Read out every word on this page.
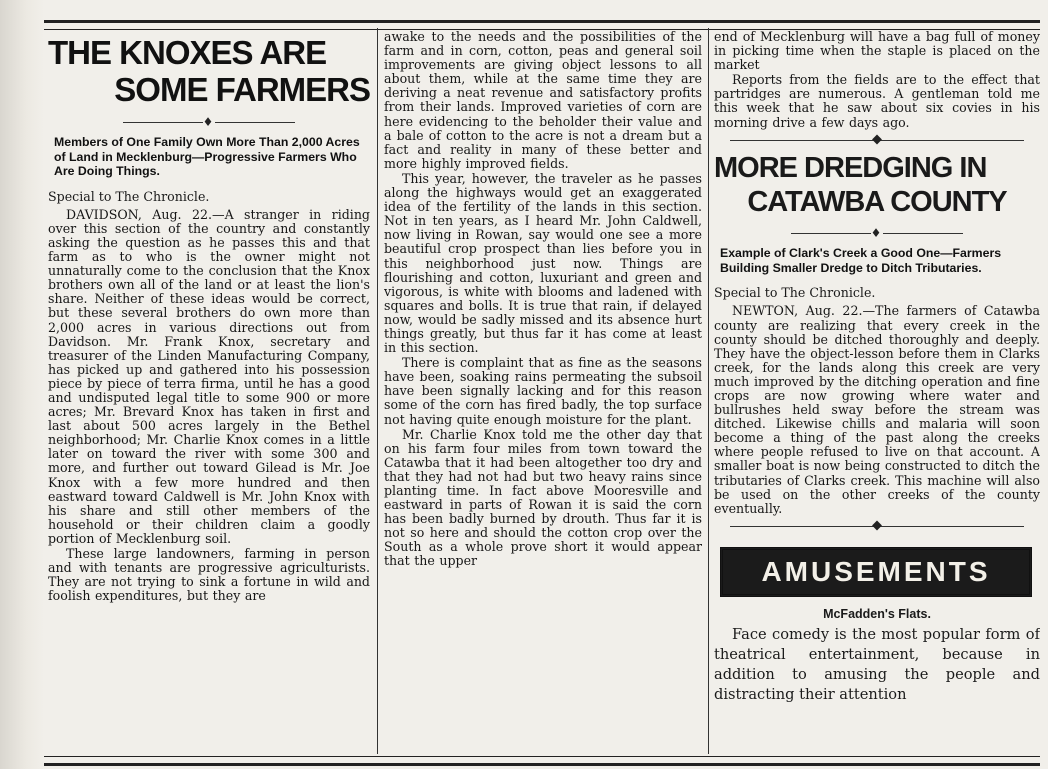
THE KNOXES ARE
SOME FARMERS
♦
Members of One Family Own More Than 2,000 Acres of Land in Mecklenburg—Progressive Farmers Who Are Doing Things.
Special to The Chronicle.

DAVIDSON, Aug. 22.—A stranger in riding over this section of the country and constantly asking the question as he passes this and that farm as to who is the owner might not unnaturally come to the conclusion that the Knox brothers own all of the land or at least the lion's share. Neither of these ideas would be correct, but these several brothers do own more than 2,000 acres in various directions out from Davidson. Mr. Frank Knox, secretary and treasurer of the Linden Manufacturing Company, has picked up and gathered into his possession piece by piece of terra firma, until he has a good and undisputed legal title to some 900 or more acres; Mr. Brevard Knox has taken in first and last about 500 acres largely in the Bethel neighborhood; Mr. Charlie Knox comes in a little later on toward the river with some 300 and more, and further out toward Gilead is Mr. Joe Knox with a few more hundred and then eastward toward Caldwell is Mr. John Knox with his share and still other members of the household or their children claim a goodly portion of Mecklenburg soil.

These large landowners, farming in person and with tenants are progressive agriculturists. They are not trying to sink a fortune in wild and foolish expenditures, but they are

awake to the needs and the possibilities of the farm and in corn, cotton, peas and general soil improvements are giving object lessons to all about them, while at the same time they are deriving a neat revenue and satisfactory profits from their lands. Improved varieties of corn are here evidencing to the beholder their value and a bale of cotton to the acre is not a dream but a fact and reality in many of these better and more highly improved fields.

This year, however, the traveler as he passes along the highways would get an exaggerated idea of the fertility of the lands in this section. Not in ten years, as I heard Mr. John Caldwell, now living in Rowan, say would one see a more beautiful crop prospect than lies before you in this neighborhood just now. Things are flourishing and cotton, luxuriant and green and vigorous, is white with blooms and ladened with squares and bolls. It is true that rain, if delayed now, would be sadly missed and its absence hurt things greatly, but thus far it has come at least in this section.

There is complaint that as fine as the seasons have been, soaking rains permeating the subsoil have been signally lacking and for this reason some of the corn has fired badly, the top surface not having quite enough moisture for the plant.

Mr. Charlie Knox told me the other day that on his farm four miles from town toward the Catawba that it had been altogether too dry and that they had not had but two heavy rains since planting time. In fact above Mooresville and eastward in parts of Rowan it is said the corn has been badly burned by drouth. Thus far it is not so here and should the cotton crop over the South as a whole prove short it would appear that the upper

end of Mecklenburg will have a bag full of money in picking time when the staple is placed on the market

Reports from the fields are to the effect that partridges are numerous. A gentleman told me this week that he saw about six covies in his morning drive a few days ago.

MORE DREDGING IN
CATAWBA COUNTY
♦
Example of Clark's Creek a Good One—Farmers Building Smaller Dredge to Ditch Tributaries.
Special to The Chronicle.

NEWTON, Aug. 22.—The farmers of Catawba county are realizing that every creek in the county should be ditched thoroughly and deeply. They have the object-lesson before them in Clarks creek, for the lands along this creek are very much improved by the ditching operation and fine crops are now growing where water and bullrushes held sway before the stream was ditched. Likewise chills and malaria will soon become a thing of the past along the creeks where people refused to live on that account. A smaller boat is now being constructed to ditch the tributaries of Clarks creek. This machine will also be used on the other creeks of the county eventually.

AMUSEMENTS
McFadden's Flats.

Face comedy is the most popular form of theatrical entertainment, because in addition to amusing the people and distracting their attention
